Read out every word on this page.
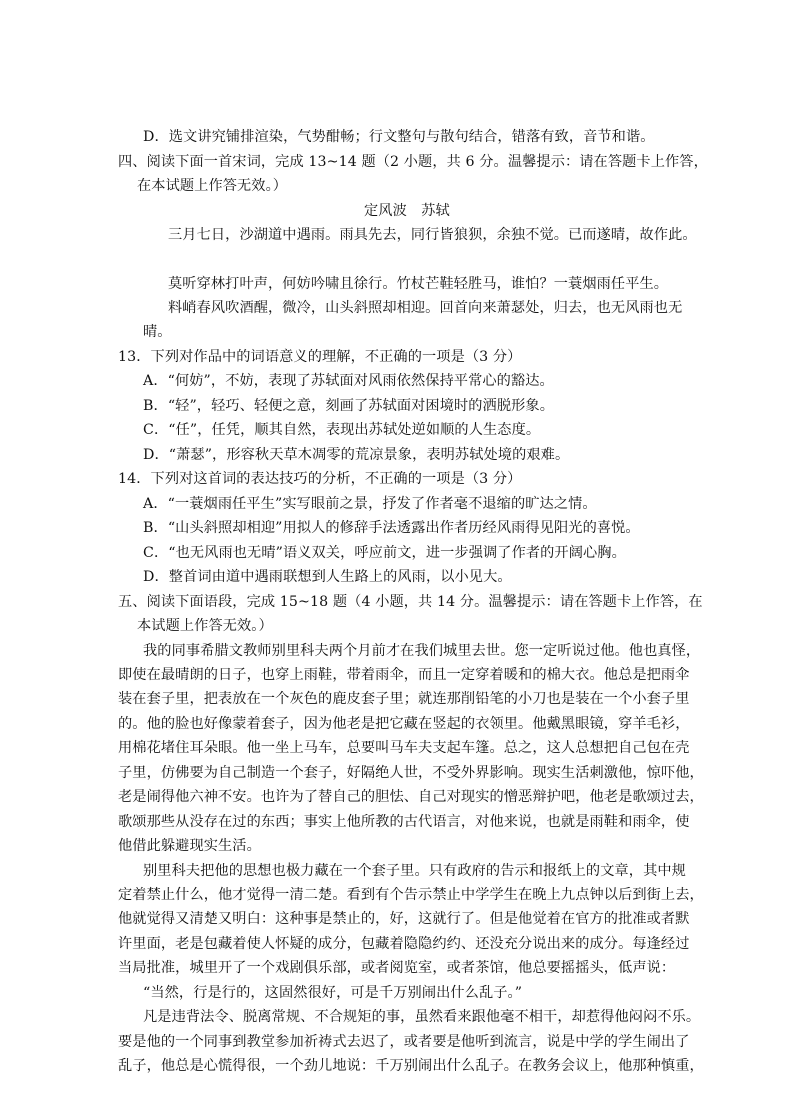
D．选文讲究铺排渲染，气势酣畅；行文整句与散句结合，错落有致，音节和谐。
四、阅读下面一首宋词，完成 13~14 题（2 小题，共 6 分。温馨提示：请在答题卡上作答，
在本试题上作答无效。）
定风波　苏轼
三月七日，沙湖道中遇雨。雨具先去，同行皆狼狈，余独不觉。已而遂晴，故作此。
莫听穿林打叶声，何妨吟啸且徐行。竹杖芒鞋轻胜马，谁怕？一蓑烟雨任平生。
料峭春风吹酒醒，微冷，山头斜照却相迎。回首向来萧瑟处，归去，也无风雨也无
晴。
13．下列对作品中的词语意义的理解，不正确的一项是（3 分）
A．“何妨”，不妨，表现了苏轼面对风雨依然保持平常心的豁达。
B．“轻”，轻巧、轻便之意，刻画了苏轼面对困境时的洒脱形象。
C．“任”，任凭，顺其自然，表现出苏轼处逆如顺的人生态度。
D．“萧瑟”，形容秋天草木凋零的荒凉景象，表明苏轼处境的艰难。
14．下列对这首词的表达技巧的分析，不正确的一项是（3 分）
A．“一蓑烟雨任平生”实写眼前之景，抒发了作者毫不退缩的旷达之情。
B．“山头斜照却相迎”用拟人的修辞手法透露出作者历经风雨得见阳光的喜悦。
C．“也无风雨也无晴”语义双关，呼应前文，进一步强调了作者的开阔心胸。
D．整首词由道中遇雨联想到人生路上的风雨，以小见大。
五、阅读下面语段，完成 15~18 题（4 小题，共 14 分。温馨提示：请在答题卡上作答，在
本试题上作答无效。）
我的同事希腊文教师别里科夫两个月前才在我们城里去世。您一定听说过他。他也真怪，
即使在最晴朗的日子，也穿上雨鞋，带着雨伞，而且一定穿着暖和的棉大衣。他总是把雨伞
装在套子里，把表放在一个灰色的鹿皮套子里；就连那削铅笔的小刀也是装在一个小套子里
的。他的脸也好像蒙着套子，因为他老是把它藏在竖起的衣领里。他戴黑眼镜，穿羊毛衫，
用棉花堵住耳朵眼。他一坐上马车，总要叫马车夫支起车篷。总之，这人总想把自己包在壳
子里，仿佛要为自己制造一个套子，好隔绝人世，不受外界影响。现实生活刺激他，惊吓他，
老是闹得他六神不安。也许为了替自己的胆怯、自己对现实的憎恶辩护吧，他老是歌颂过去，
歌颂那些从没存在过的东西；事实上他所教的古代语言，对他来说，也就是雨鞋和雨伞，使
他借此躲避现实生活。
别里科夫把他的思想也极力藏在一个套子里。只有政府的告示和报纸上的文章，其中规
定着禁止什么，他才觉得一清二楚。看到有个告示禁止中学学生在晚上九点钟以后到街上去，
他就觉得又清楚又明白：这种事是禁止的，好，这就行了。但是他觉着在官方的批准或者默
许里面，老是包藏着使人怀疑的成分，包藏着隐隐约约、还没充分说出来的成分。每逢经过
当局批准，城里开了一个戏剧俱乐部，或者阅览室，或者茶馆，他总要摇摇头，低声说：
“当然，行是行的，这固然很好，可是千万别闹出什么乱子。”
凡是违背法令、脱离常规、不合规矩的事，虽然看来跟他毫不相干，却惹得他闷闷不乐。
要是他的一个同事到教堂参加祈祷式去迟了，或者要是他听到流言，说是中学的学生闹出了
乱子，他总是心慌得很，一个劲儿地说：千万别闹出什么乱子。在教务会议上，他那种慎重，
